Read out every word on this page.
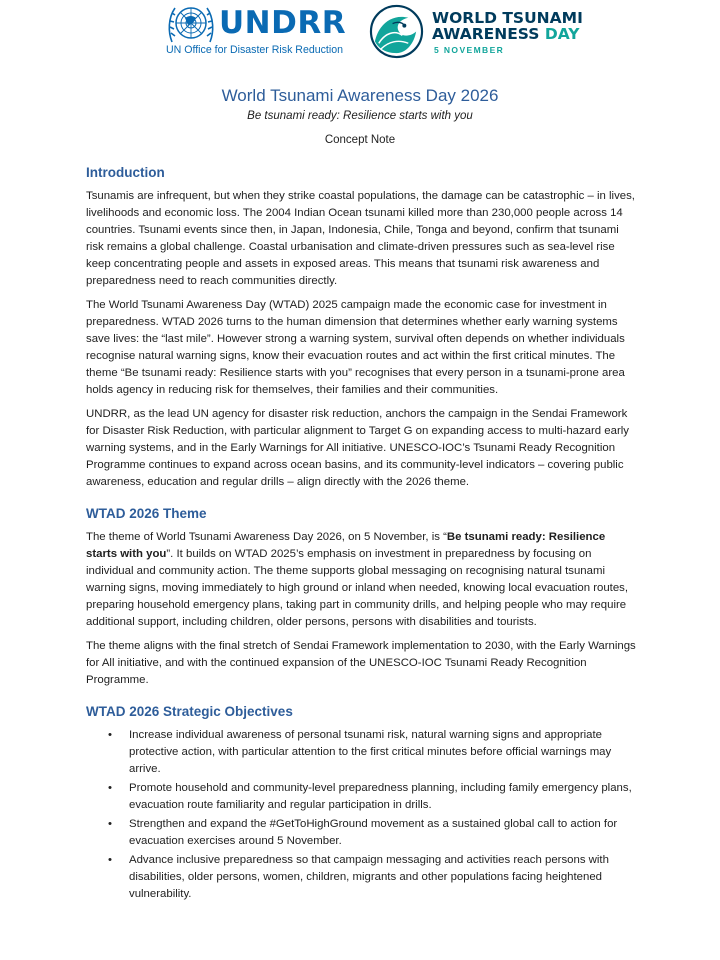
UNDRR
UN Office for Disaster Risk Reduction
WORLD TSUNAMI
AWARENESS DAY
5 NOVEMBER
World Tsunami Awareness Day 2026
Be tsunami ready: Resilience starts with you
Concept Note
Introduction

Tsunamis are infrequent, but when they strike coastal populations, the damage can be catastrophic – in lives, livelihoods and economic loss. The 2004 Indian Ocean tsunami killed more than 230,000 people across 14 countries. Tsunami events since then, in Japan, Indonesia, Chile, Tonga and beyond, confirm that tsunami risk remains a global challenge. Coastal urbanisation and climate-driven pressures such as sea-level rise keep concentrating people and assets in exposed areas. This means that tsunami risk awareness and preparedness need to reach communities directly.

The World Tsunami Awareness Day (WTAD) 2025 campaign made the economic case for investment in preparedness. WTAD 2026 turns to the human dimension that determines whether early warning systems save lives: the “last mile”. However strong a warning system, survival often depends on whether individuals recognise natural warning signs, know their evacuation routes and act within the first critical minutes. The theme “Be tsunami ready: Resilience starts with you” recognises that every person in a tsunami-prone area holds agency in reducing risk for themselves, their families and their communities.

UNDRR, as the lead UN agency for disaster risk reduction, anchors the campaign in the Sendai Framework for Disaster Risk Reduction, with particular alignment to Target G on expanding access to multi-hazard early warning systems, and in the Early Warnings for All initiative. UNESCO-IOC’s Tsunami Ready Recognition Programme continues to expand across ocean basins, and its community-level indicators – covering public awareness, education and regular drills – align directly with the 2026 theme.

WTAD 2026 Theme

The theme of World Tsunami Awareness Day 2026, on 5 November, is “Be tsunami ready: Resilience starts with you”. It builds on WTAD 2025’s emphasis on investment in preparedness by focusing on individual and community action. The theme supports global messaging on recognising natural tsunami warning signs, moving immediately to high ground or inland when needed, knowing local evacuation routes, preparing household emergency plans, taking part in community drills, and helping people who may require additional support, including children, older persons, persons with disabilities and tourists.

The theme aligns with the final stretch of Sendai Framework implementation to 2030, with the Early Warnings for All initiative, and with the continued expansion of the UNESCO-IOC Tsunami Ready Recognition Programme.

WTAD 2026 Strategic Objectives
• Increase individual awareness of personal tsunami risk, natural warning signs and appropriate protective action, with particular attention to the first critical minutes before official warnings may arrive.
• Promote household and community-level preparedness planning, including family emergency plans, evacuation route familiarity and regular participation in drills.
• Strengthen and expand the #GetToHighGround movement as a sustained global call to action for evacuation exercises around 5 November.
• Advance inclusive preparedness so that campaign messaging and activities reach persons with disabilities, older persons, women, children, migrants and other populations facing heightened vulnerability.
